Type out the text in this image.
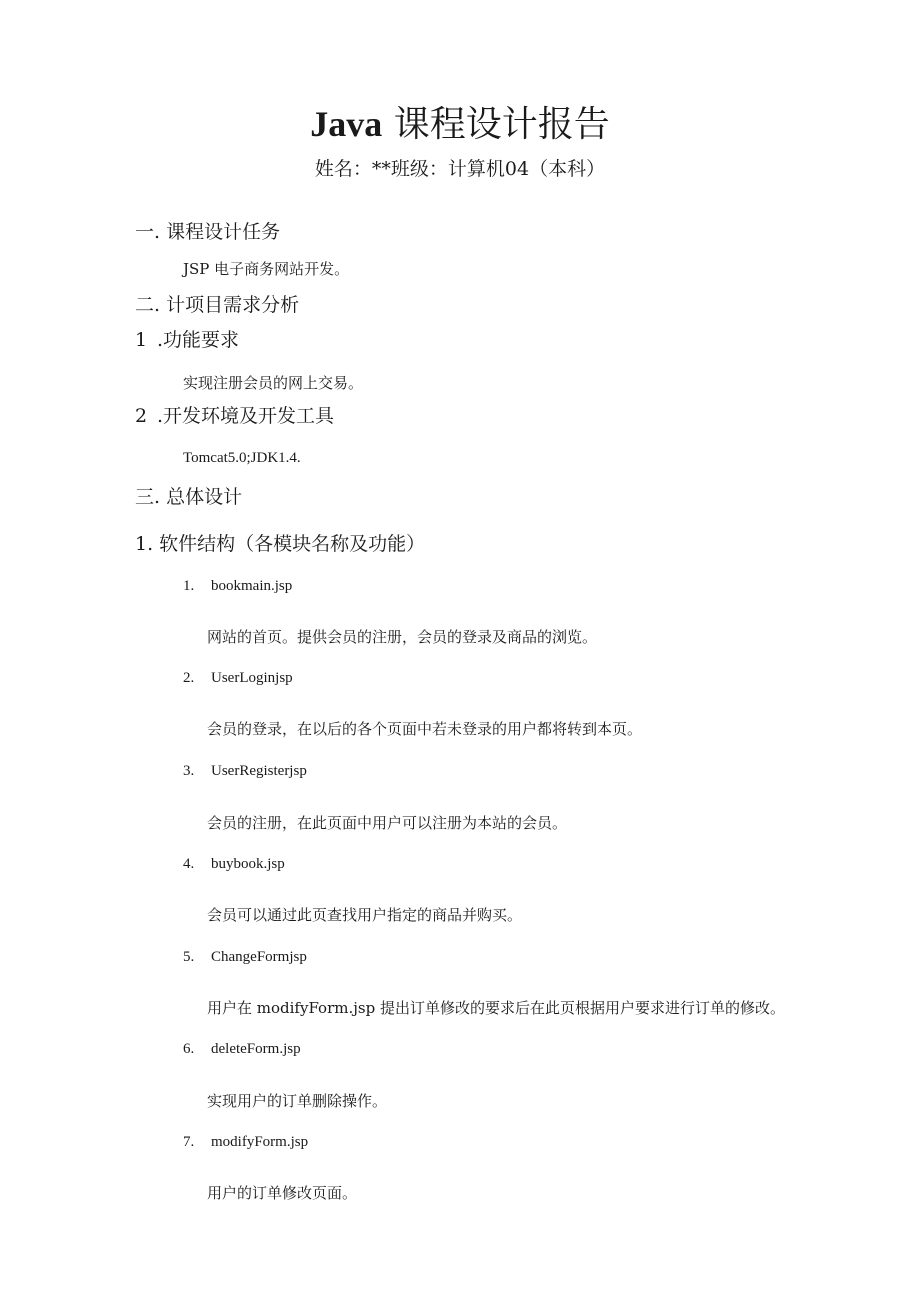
Java 课程设计报告
姓名：**班级：计算机04（本科）
一. 课程设计任务
JSP 电子商务网站开发。
二. 计项目需求分析
1 .功能要求
实现注册会员的网上交易。
2 .开发环境及开发工具
Tomcat5.0;JDK1.4.
三. 总体设计
1. 软件结构（各模块名称及功能）
1. bookmain.jsp
网站的首页。提供会员的注册，会员的登录及商品的浏览。
2. UserLoginjsp
会员的登录，在以后的各个页面中若未登录的用户都将转到本页。
3. UserRegisterjsp
会员的注册，在此页面中用户可以注册为本站的会员。
4. buybook.jsp
会员可以通过此页查找用户指定的商品并购买。
5. ChangeFormjsp
用户在 modifyForm.jsp 提出订单修改的要求后在此页根据用户要求进行订单的修改。
6. deleteForm.jsp
实现用户的订单删除操作。
7. modifyForm.jsp
用户的订单修改页面。
